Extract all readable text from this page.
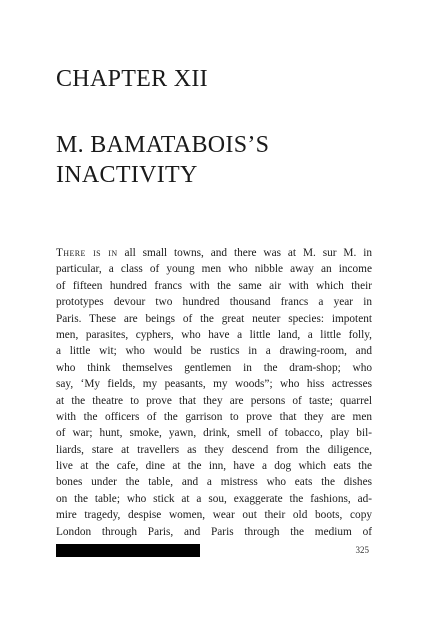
CHAPTER XII
M. BAMATABOIS’S
INACTIVITY
There is in all small towns, and there was at M. sur M. in
particular, a class of young men who nibble away an income
of fifteen hundred francs with the same air with which their
prototypes devour two hundred thousand francs a year in
Paris. These are beings of the great neuter species: impotent
men, parasites, cyphers, who have a little land, a little folly,
a little wit; who would be rustics in a drawing-room, and
who think themselves gentlemen in the dram-shop; who
say, ‘My fields, my peasants, my woods”; who hiss actresses
at the theatre to prove that they are persons of taste; quarrel
with the officers of the garrison to prove that they are men
of war; hunt, smoke, yawn, drink, smell of tobacco, play bil-
liards, stare at travellers as they descend from the diligence,
live at the cafe, dine at the inn, have a dog which eats the
bones under the table, and a mistress who eats the dishes
on the table; who stick at a sou, exaggerate the fashions, ad-
mire tragedy, despise women, wear out their old boots, copy
London through Paris, and Paris through the medium of
325
